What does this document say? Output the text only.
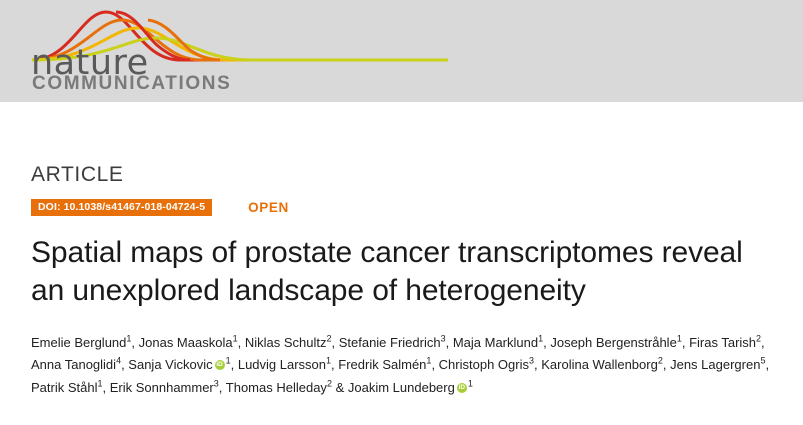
nature
COMMUNICATIONS
ARTICLE
DOI: 10.1038/s41467-018-04724-5	OPEN
Spatial maps of prostate cancer transcriptomes reveal an unexplored landscape of heterogeneity
Emelie Berglund$^1$, Jonas Maaskola$^1$, Niklas Schultz$^2$, Stefanie Friedrich$^3$, Maja Marklund$^1$, Joseph Bergenstråhle$^1$, Firas Tarish$^2$, Anna Tanoglidi$^4$, Sanja Vickovic iD $^1$, Ludvig Larsson$^1$, Fredrik Salmén$^1$, Christoph Ogris$^3$, Karolina Wallenborg$^2$, Jens Lagergren$^5$, Patrik Ståhl$^1$, Erik Sonnhammer$^3$, Thomas Helleday$^2$ & Joakim Lundeberg iD $^1$
